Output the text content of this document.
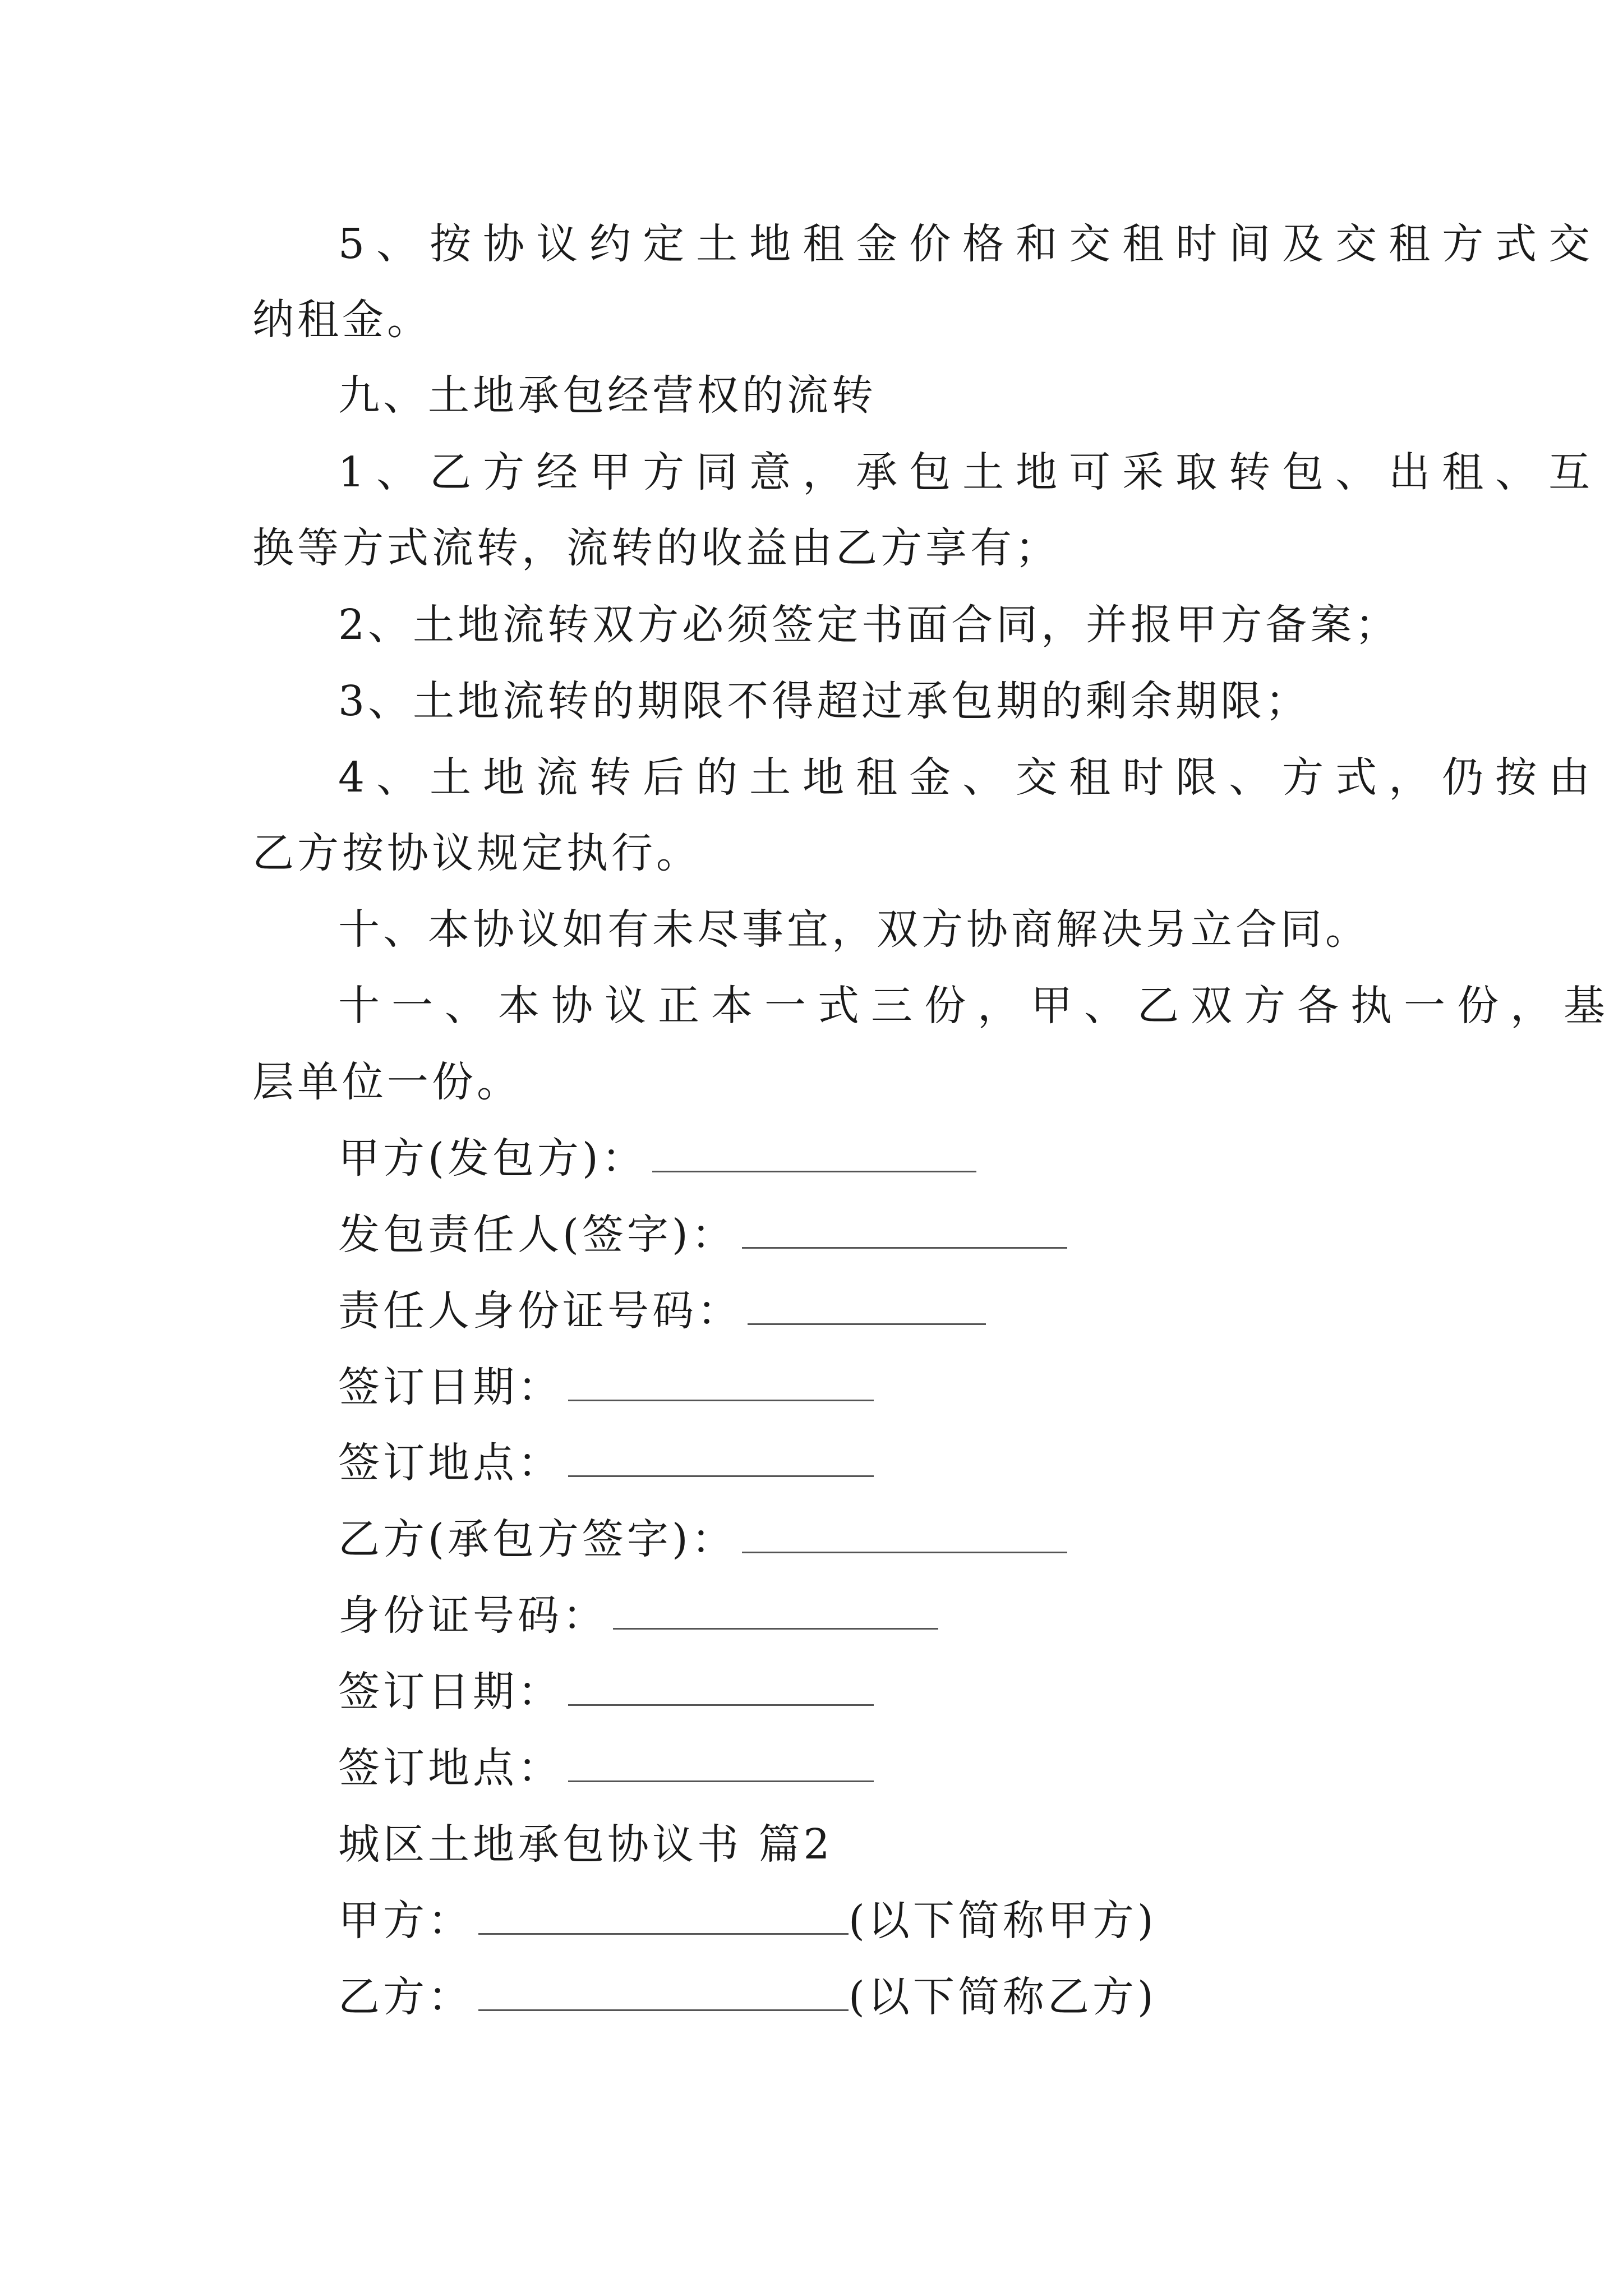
5、按协议约定土地租金价格和交租时间及交租方式交
纳租金。
九、土地承包经营权的流转
1、乙方经甲方同意，承包土地可采取转包、出租、互
换等方式流转，流转的收益由乙方享有；
2、土地流转双方必须签定书面合同，并报甲方备案；
3、土地流转的期限不得超过承包期的剩余期限；
4、土地流转后的土地租金、交租时限、方式，仍按由
乙方按协议规定执行。
十、本协议如有未尽事宜，双方协商解决另立合同。
十一、本协议正本一式三份，甲、乙双方各执一份，基
层单位一份。
甲方(发包方)：
发包责任人(签字)：
责任人身份证号码：
签订日期：
签订地点：
乙方(承包方签字)：
身份证号码：
签订日期：
签订地点：
城区土地承包协议书 篇2
甲方：	(以下简称甲方)
乙方：	(以下简称乙方)
